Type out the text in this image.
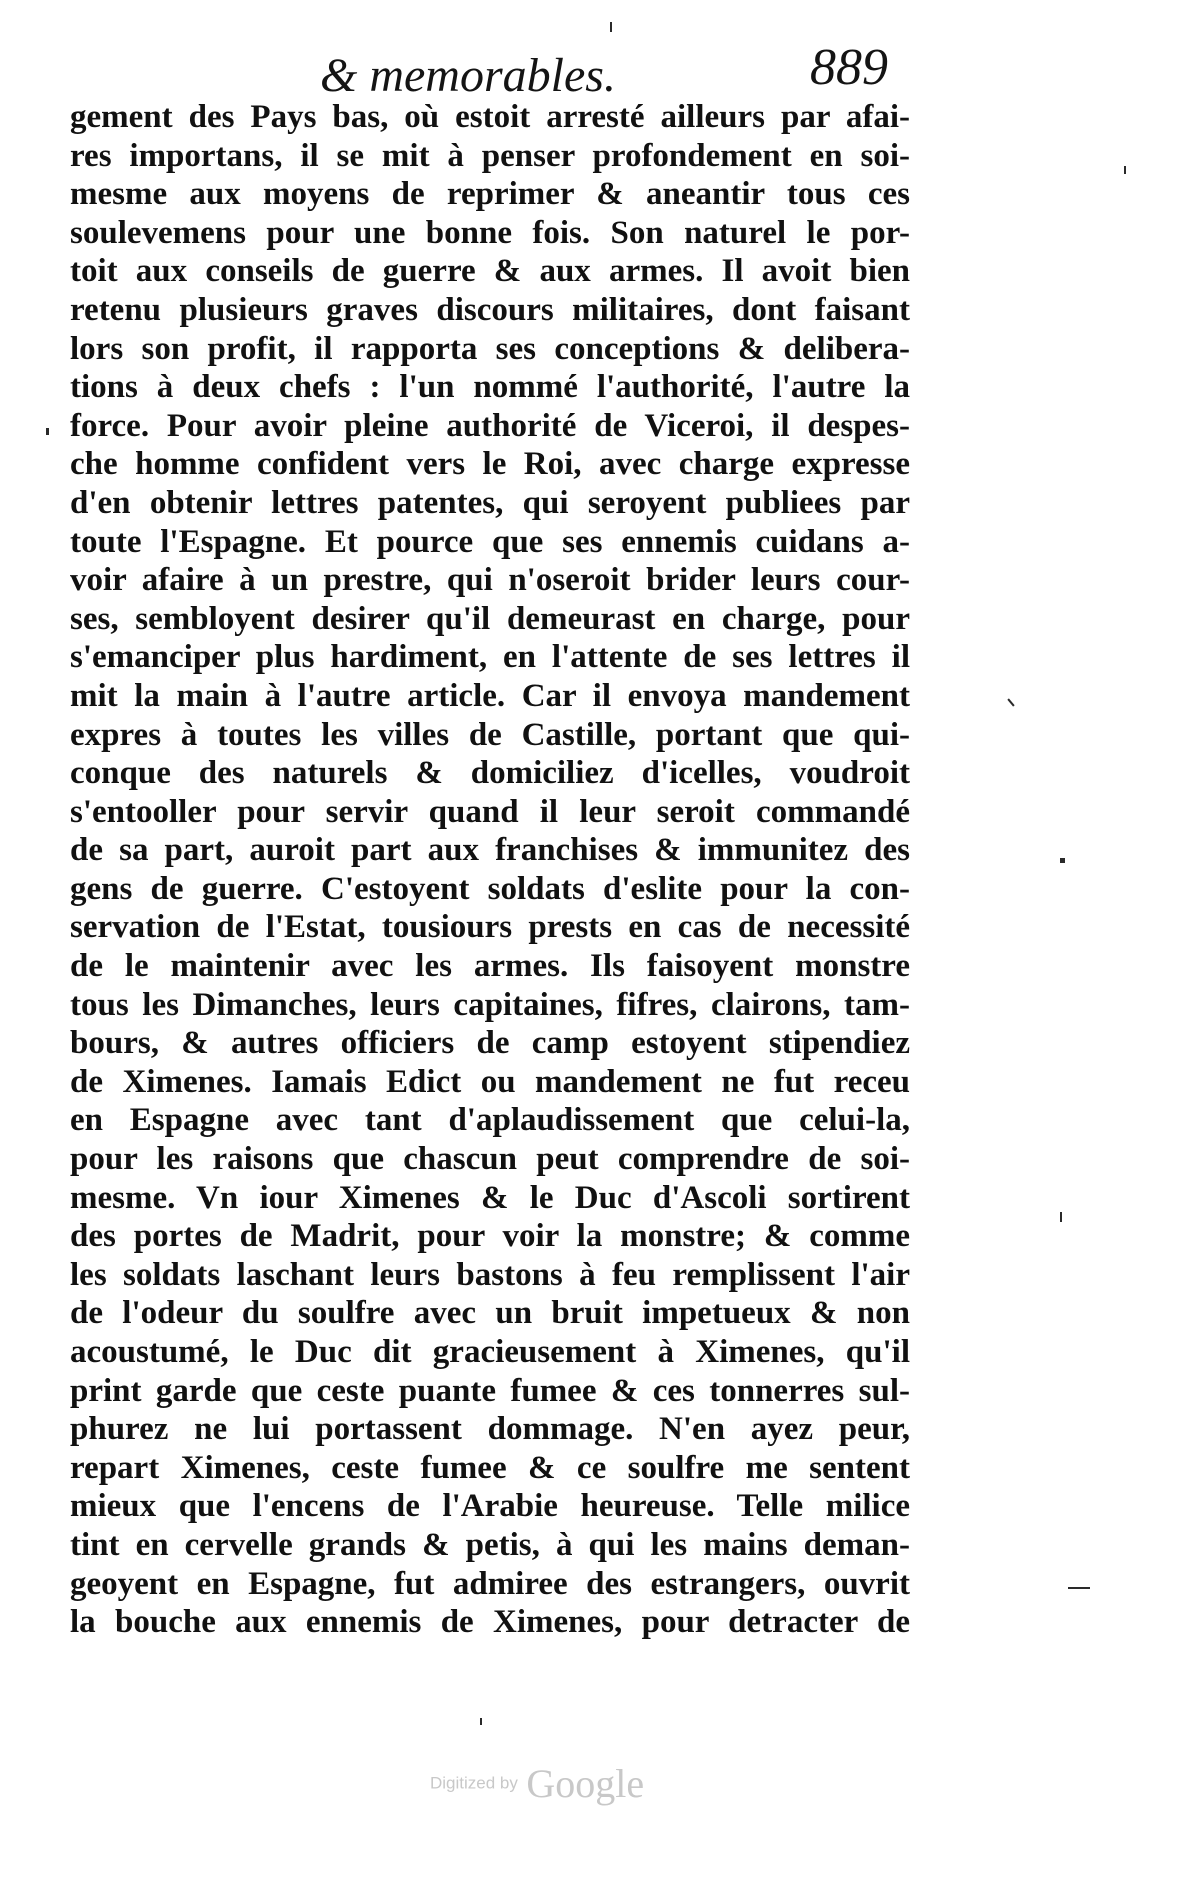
& memorables.	889
gement des Pays bas, où estoit arresté ailleurs par afai-
res importans, il se mit à penser profondement en soi-
mesme aux moyens de reprimer & aneantir tous ces
soulevemens pour une bonne fois. Son naturel le por-
toit aux conseils de guerre & aux armes. Il avoit bien
retenu plusieurs graves discours militaires, dont faisant
lors son profit, il rapporta ses conceptions & delibera-
tions à deux chefs : l'un nommé l'authorité, l'autre la
force. Pour avoir pleine authorité de Viceroi, il despes-
che homme confident vers le Roi, avec charge expresse
d'en obtenir lettres patentes, qui seroyent publiees par
toute l'Espagne. Et pource que ses ennemis cuidans a-
voir afaire à un prestre, qui n'oseroit brider leurs cour-
ses, sembloyent desirer qu'il demeurast en charge, pour
s'emanciper plus hardiment, en l'attente de ses lettres il
mit la main à l'autre article. Car il envoya mandement
expres à toutes les villes de Castille, portant que qui-
conque des naturels & domiciliez d'icelles, voudroit
s'entooller pour servir quand il leur seroit commandé
de sa part, auroit part aux franchises & immunitez des
gens de guerre. C'estoyent soldats d'eslite pour la con-
servation de l'Estat, tousiours prests en cas de necessité
de le maintenir avec les armes. Ils faisoyent monstre
tous les Dimanches, leurs capitaines, fifres, clairons, tam-
bours, & autres officiers de camp estoyent stipendiez
de Ximenes. Iamais Edict ou mandement ne fut receu
en Espagne avec tant d'aplaudissement que celui-la,
pour les raisons que chascun peut comprendre de soi-
mesme. Vn iour Ximenes & le Duc d'Ascoli sortirent
des portes de Madrit, pour voir la monstre; & comme
les soldats laschant leurs bastons à feu remplissent l'air
de l'odeur du soulfre avec un bruit impetueux & non
acoustumé, le Duc dit gracieusement à Ximenes, qu'il
print garde que ceste puante fumee & ces tonnerres sul-
phurez ne lui portassent dommage. N'en ayez peur,
repart Ximenes, ceste fumee & ce soulfre me sentent
mieux que l'encens de l'Arabie heureuse. Telle milice
tint en cervelle grands & petis, à qui les mains deman-
geoyent en Espagne, fut admiree des estrangers, ouvrit
la bouche aux ennemis de Ximenes, pour detracter de
Digitized by Google
